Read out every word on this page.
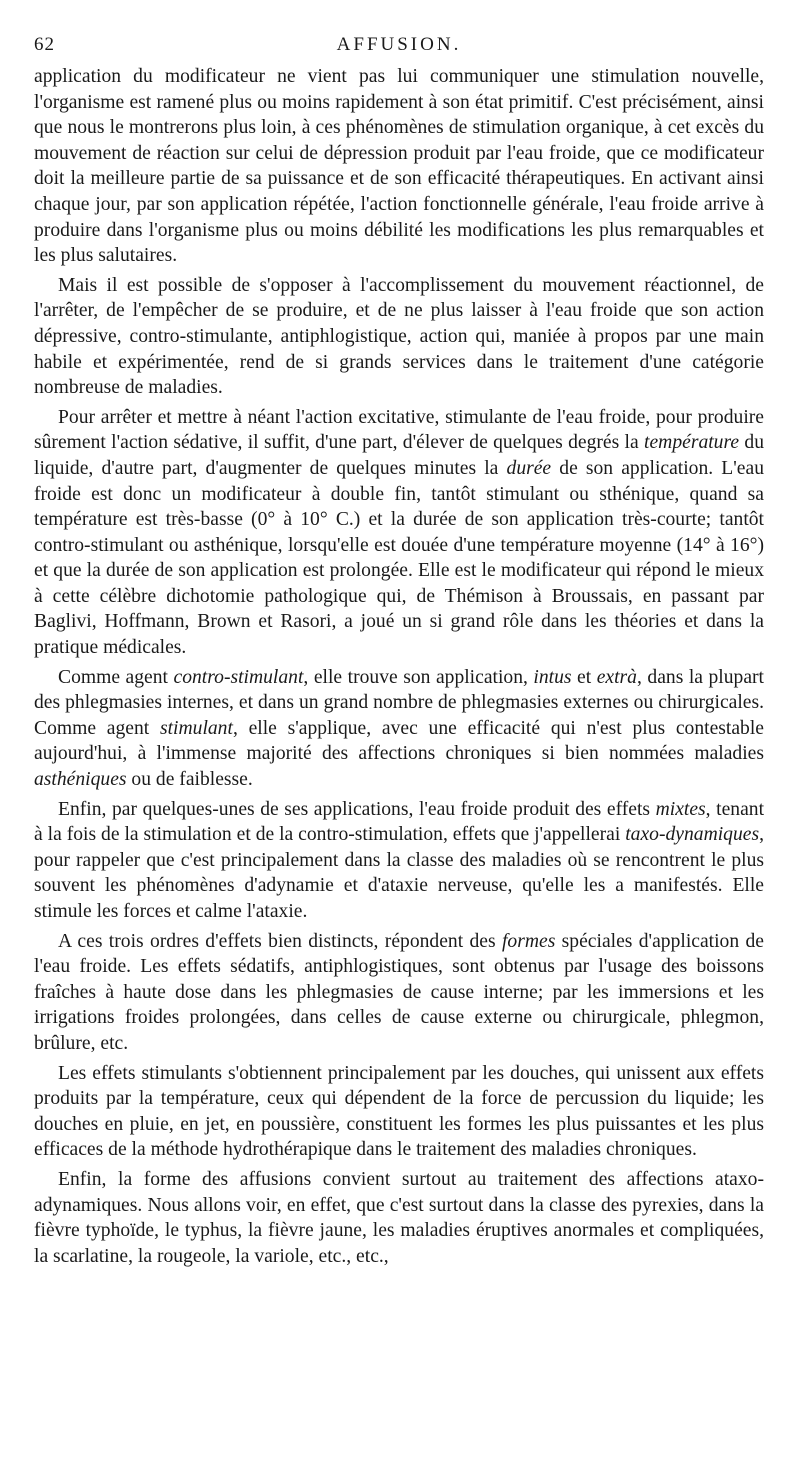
62	AFFUSION.

application du modificateur ne vient pas lui communiquer une stimulation nouvelle, l'organisme est ramené plus ou moins rapidement à son état primitif. C'est précisément, ainsi que nous le montrerons plus loin, à ces phénomènes de stimulation organique, à cet excès du mouvement de réaction sur celui de dépression produit par l'eau froide, que ce modificateur doit la meilleure partie de sa puissance et de son efficacité thérapeutiques. En activant ainsi chaque jour, par son application répétée, l'action fonctionnelle générale, l'eau froide arrive à produire dans l'organisme plus ou moins débilité les modifications les plus remarquables et les plus salutaires.

Mais il est possible de s'opposer à l'accomplissement du mouvement réactionnel, de l'arrêter, de l'empêcher de se produire, et de ne plus laisser à l'eau froide que son action dépressive, contro-stimulante, antiphlogistique, action qui, maniée à propos par une main habile et expérimentée, rend de si grands services dans le traitement d'une catégorie nombreuse de maladies.

Pour arrêter et mettre à néant l'action excitative, stimulante de l'eau froide, pour produire sûrement l'action sédative, il suffit, d'une part, d'élever de quelques degrés la température du liquide, d'autre part, d'augmenter de quelques minutes la durée de son application. L'eau froide est donc un modificateur à double fin, tantôt stimulant ou sthénique, quand sa température est très-basse (0° à 10° C.) et la durée de son application très-courte; tantôt contro-stimulant ou asthénique, lorsqu'elle est douée d'une température moyenne (14° à 16°) et que la durée de son application est prolongée. Elle est le modificateur qui répond le mieux à cette célèbre dichotomie pathologique qui, de Thémison à Broussais, en passant par Baglivi, Hoffmann, Brown et Rasori, a joué un si grand rôle dans les théories et dans la pratique médicales.

Comme agent contro-stimulant, elle trouve son application, intus et extrà, dans la plupart des phlegmasies internes, et dans un grand nombre de phlegmasies externes ou chirurgicales. Comme agent stimulant, elle s'applique, avec une efficacité qui n'est plus contestable aujourd'hui, à l'immense majorité des affections chroniques si bien nommées maladies asthéniques ou de faiblesse.

Enfin, par quelques-unes de ses applications, l'eau froide produit des effets mixtes, tenant à la fois de la stimulation et de la contro-stimulation, effets que j'appellerai taxo-dynamiques, pour rappeler que c'est principalement dans la classe des maladies où se rencontrent le plus souvent les phénomènes d'adynamie et d'ataxie nerveuse, qu'elle les a manifestés. Elle stimule les forces et calme l'ataxie.

A ces trois ordres d'effets bien distincts, répondent des formes spéciales d'application de l'eau froide. Les effets sédatifs, antiphlogistiques, sont obtenus par l'usage des boissons fraîches à haute dose dans les phlegmasies de cause interne; par les immersions et les irrigations froides prolongées, dans celles de cause externe ou chirurgicale, phlegmon, brûlure, etc.

Les effets stimulants s'obtiennent principalement par les douches, qui unissent aux effets produits par la température, ceux qui dépendent de la force de percussion du liquide; les douches en pluie, en jet, en poussière, constituent les formes les plus puissantes et les plus efficaces de la méthode hydrothérapique dans le traitement des maladies chroniques.

Enfin, la forme des affusions convient surtout au traitement des affections ataxo-adynamiques. Nous allons voir, en effet, que c'est surtout dans la classe des pyrexies, dans la fièvre typhoïde, le typhus, la fièvre jaune, les maladies éruptives anormales et compliquées, la scarlatine, la rougeole, la variole, etc., etc.,
